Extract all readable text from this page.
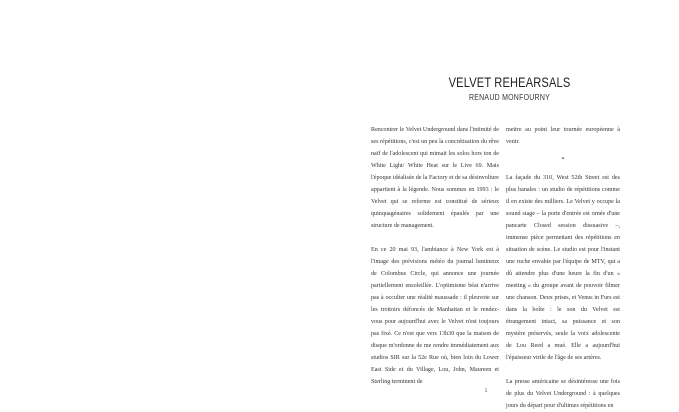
VELVET REHEARSALS
RENAUD MONFOURNY

Rencontrer le Velvet Underground dans l'intimité de ses répétitions, c'est un peu la concrétisation du rêve naïf de l'adolescent qui mimait les solos hors ton de White Light/ White Heat sur le Live 69. Mais l'époque idéalisée de la Factory et de sa désinvolture appartient à la légende. Nous sommes en 1993 : le Velvet qui se reforme est constitué de sérieux quinquagénaires solidement épaulés par une structure de management.

En ce 20 mai 93, l'ambiance à New York est à l'image des prévisions météo du journal lumineux de Colombus Circle, qui annonce une journée partiellement ensoleillée. L'optimisme béat n'arrive pas à occulter une réalité maussade : il pleuvote sur les trottoirs défoncés de Manhattan et le rendez-vous pour aujourd'hui avec le Velvet n'est toujours pas fixé. Ce n'est que vers 13h30 que la maison de disque m'ordonne de me rendre immédiatement aux studios SIR sur la 52e Rue où, bien loin du Lower East Side et du Village, Lou, John, Maureen et Sterling terminent de

mettre au point leur tournée européenne à venir.

*

La façade du 310, West 52th Street est des plus banales : un studio de répétitions comme il en existe des milliers. Le Velvet y occupe la sound stage – la porte d'entrée est ornée d'une pancarte Closed session dissuasive –, immense pièce permettant des répétitions en situation de scène. Le studio est pour l'instant une ruche envahie par l'équipe de MTV, qui a dû attendre plus d'une heure la fin d'un « meeting » du groupe avant de pouvoir filmer une chanson. Deux prises, et Venus in Furs est dans la boîte : le son du Velvet est étrangement intact, sa puissance et son mystère préservés, seule la voix adolescente de Lou Reed a mué. Elle a aujourd'hui l'épaisseur virile de l'âge de ses artères.

La presse américaine se désintéresse une fois de plus du Velvet Underground : à quelques jours du départ pour d'ultimes répétitions en

5
